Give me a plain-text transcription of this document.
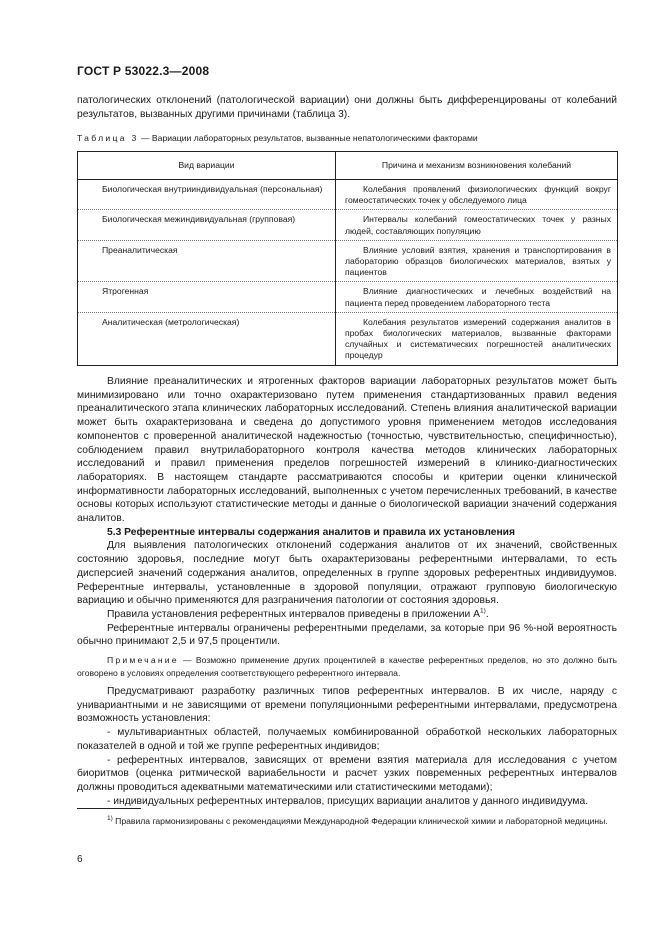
ГОСТ Р 53022.3—2008
патологических отклонений (патологической вариации) они должны быть дифференцированы от колебаний результатов, вызванных другими причинами (таблица 3).
Таблица 3 — Вариации лабораторных результатов, вызванные непатологическими факторами
Вид вариации	Причина и механизм возникновения колебаний
Биологическая внутрииндивидуальная (персональная)	Колебания проявлений физиологических функций вокруг гомеостатических точек у обследуемого лица
Биологическая межиндивидуальная (групповая)	Интервалы колебаний гомеостатических точек у разных людей, составляющих популяцию
Преаналитическая	Влияние условий взятия, хранения и транспортирования в лабораторию образцов биологических материалов, взятых у пациентов
Ятрогенная	Влияние диагностических и лечебных воздействий на пациента перед проведением лабораторного теста
Аналитическая (метрологическая)	Колебания результатов измерений содержания аналитов в пробах биологических материалов, вызванные факторами случайных и систематических погрешностей аналитических процедур

Влияние преаналитических и ятрогенных факторов вариации лабораторных результатов может быть минимизировано или точно охарактеризовано путем применения стандартизованных правил ведения преаналитического этапа клинических лабораторных исследований. Степень влияния аналитической вариации может быть охарактеризована и сведена до допустимого уровня применением методов исследования компонентов с проверенной аналитической надежностью (точностью, чувствительностью, специфичностью), соблюдением правил внутрилабораторного контроля качества методов клинических лабораторных исследований и правил применения пределов погрешностей измерений в клинико-диагностических лабораториях. В настоящем стандарте рассматриваются способы и критерии оценки клинической информативности лабораторных исследований, выполненных с учетом перечисленных требований, в качестве основы которых используют статистические методы и данные о биологической вариации значений содержания аналитов.

5.3 Референтные интервалы содержания аналитов и правила их установления

Для выявления патологических отклонений содержания аналитов от их значений, свойственных состоянию здоровья, последние могут быть охарактеризованы референтными интервалами, то есть дисперсией значений содержания аналитов, определенных в группе здоровых референтных индивидуумов. Референтные интервалы, установленные в здоровой популяции, отражают групповую биологическую вариацию и обычно применяются для разграничения патологии от состояния здоровья.

Правила установления референтных интервалов приведены в приложении $А^{1)}$.

Референтные интервалы ограничены референтными пределами, за которые при 96 %-ной вероятность обычно принимают 2,5 и 97,5 процентили.

Примечание — Возможно применение других процентилей в качестве референтных пределов, но это должно быть оговорено в условиях определения соответствующего референтного интервала.

Предусматривают разработку различных типов референтных интервалов. В их числе, наряду с унивариантными и не зависящими от времени популяционными референтными интервалами, предусмотрена возможность установления:

- мультивариантных областей, получаемых комбинированной обработкой нескольких лабораторных показателей в одной и той же группе референтных индивидов;

- референтных интервалов, зависящих от времени взятия материала для исследования с учетом биоритмов (оценка ритмической вариабельности и расчет узких повременных референтных интервалов должны проводиться адекватными математическими или статистическими методами);

- индивидуальных референтных интервалов, присущих вариации аналитов у данного индивидуума.

$^{1)}$ Правила гармонизированы с рекомендациями Международной Федерации клинической химии и лабораторной медицины.
6
